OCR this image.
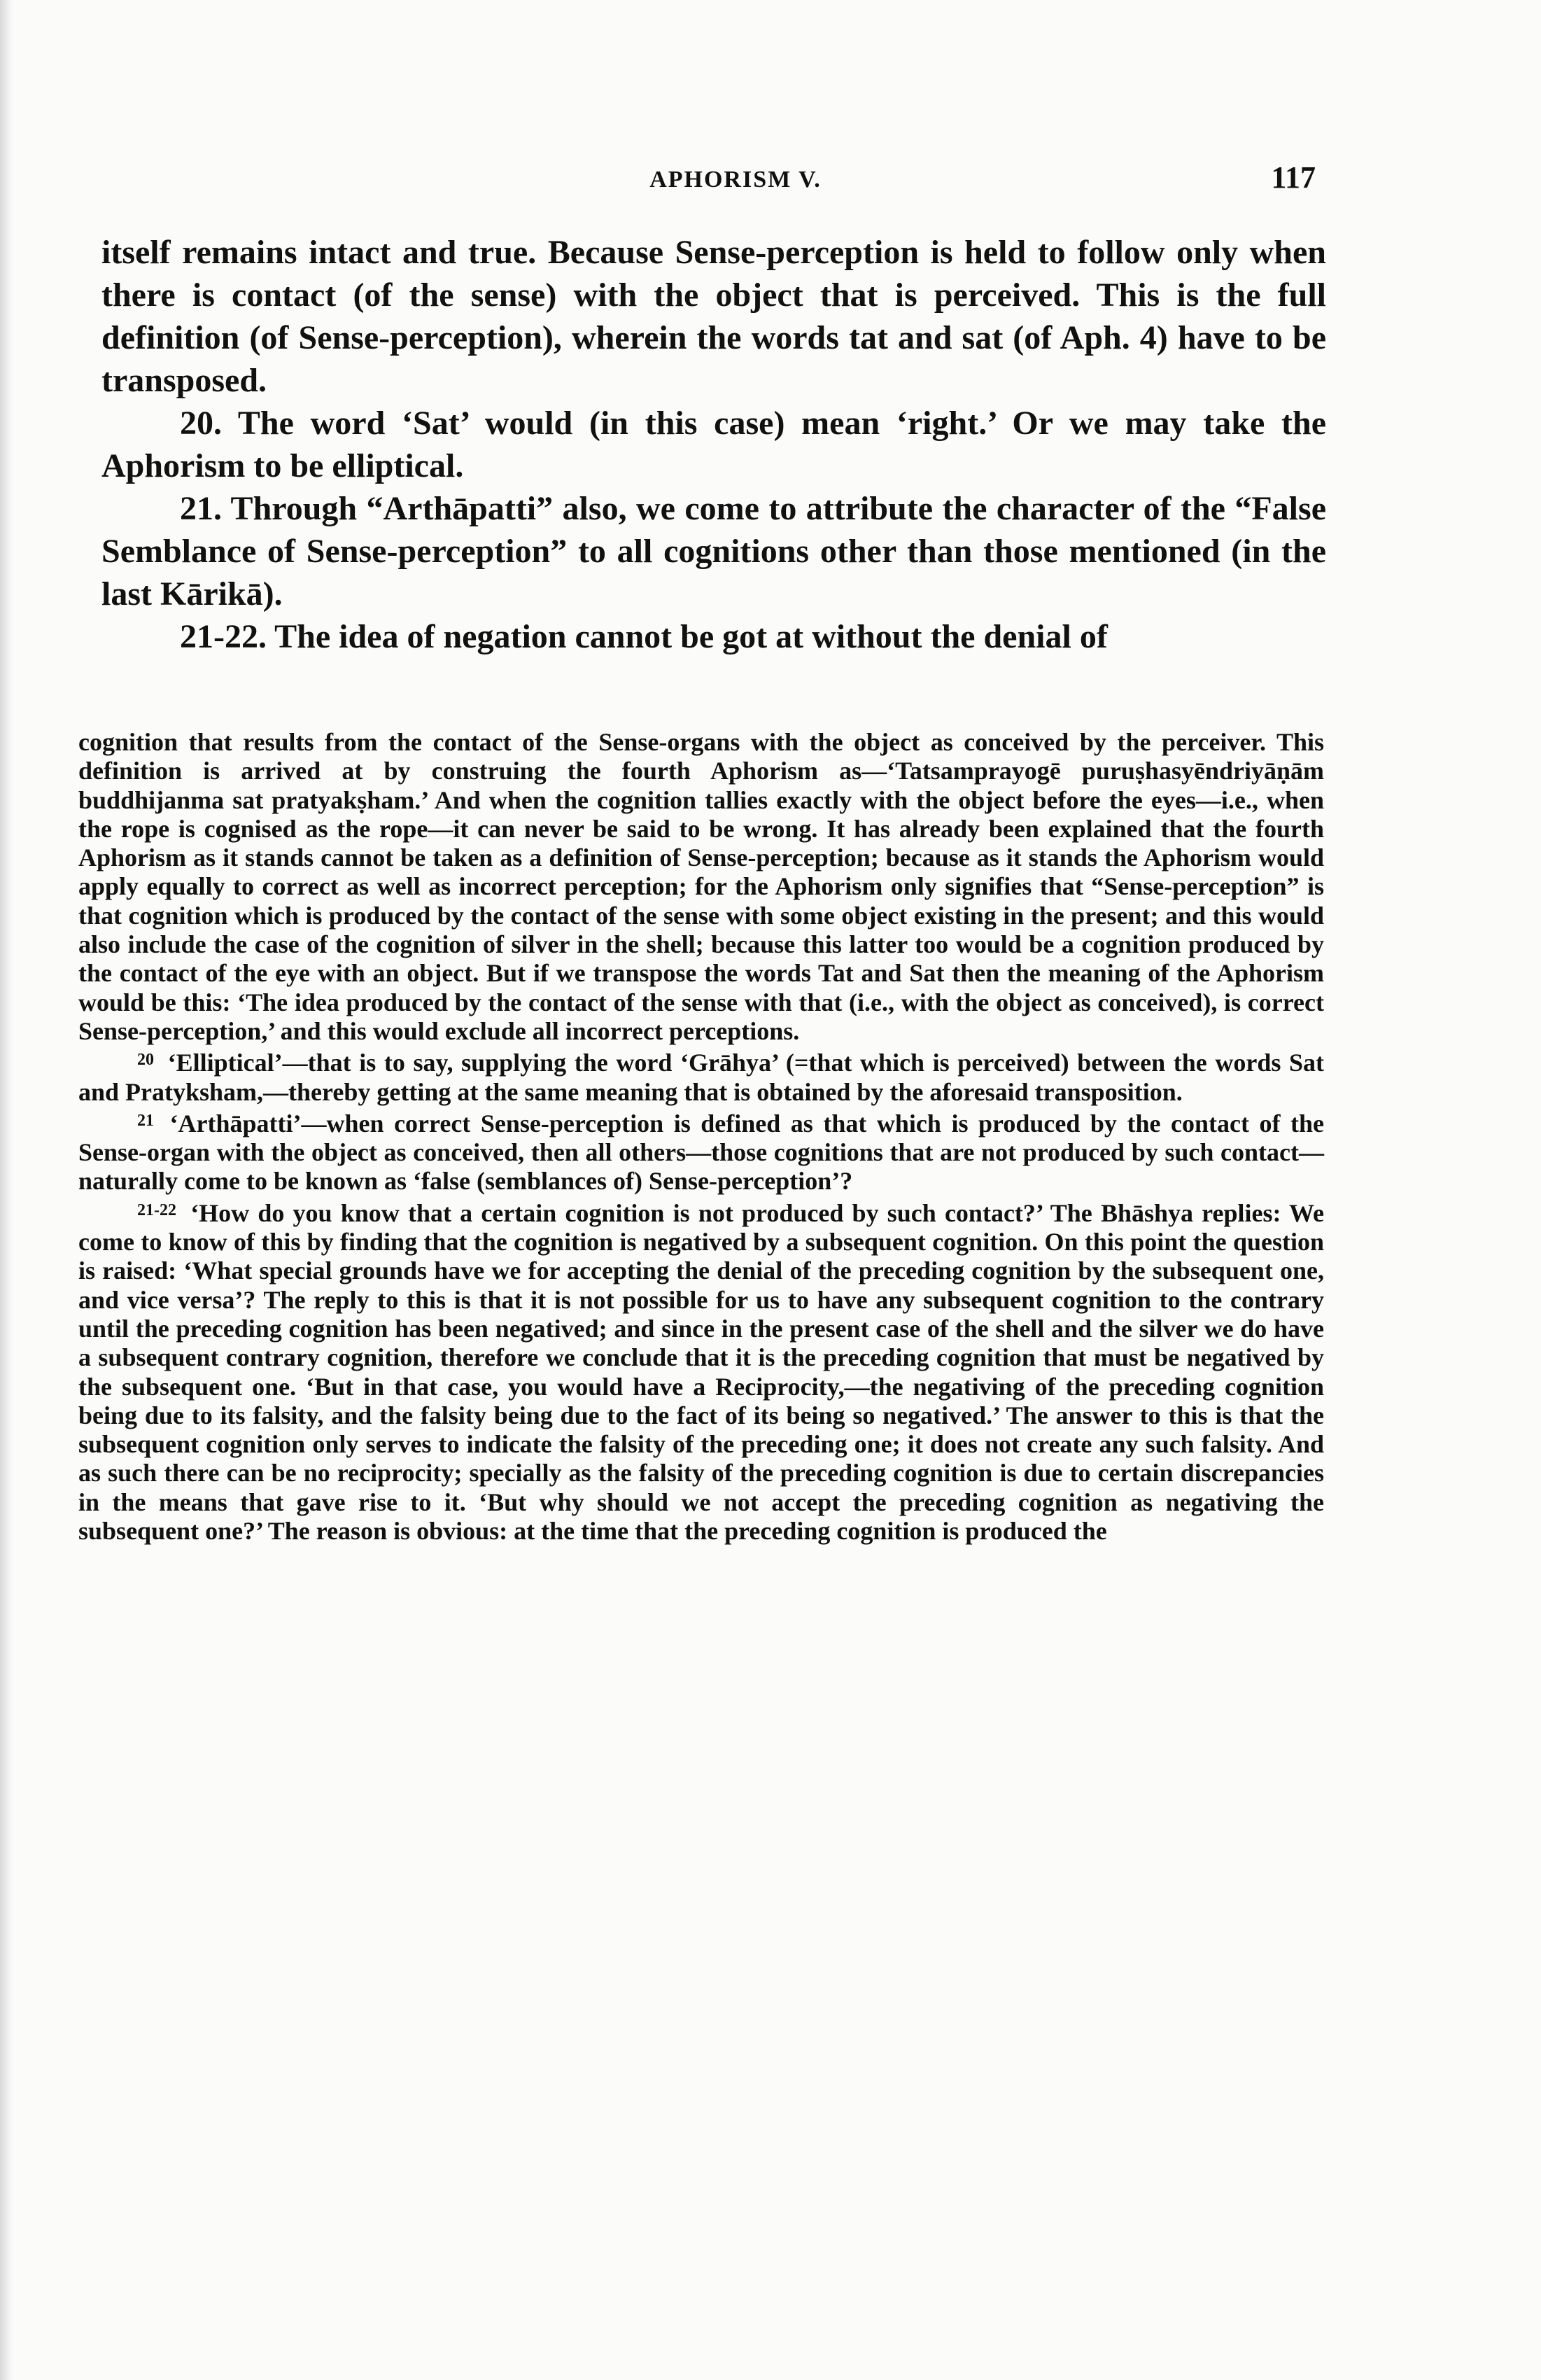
APHORISM V.	117

itself remains intact and true. Because Sense-perception is held to follow only when there is contact (of the sense) with the object that is perceived. This is the full definition (of Sense-perception), wherein the words tat and sat (of Aph. 4) have to be transposed.

20. The word ‘Sat’ would (in this case) mean ‘right.’ Or we may take the Aphorism to be elliptical.

21. Through “Arthāpatti” also, we come to attribute the character of the “False Semblance of Sense-perception” to all cognitions other than those mentioned (in the last Kārikā).

21-22. The idea of negation cannot be got at without the denial of

cognition that results from the contact of the Sense-organs with the object as conceived by the perceiver. This definition is arrived at by construing the fourth Aphorism as—‘Tatsamprayogē puruṣhasyēndriyāṇām buddhijanma sat pratyakṣham.’ And when the cognition tallies exactly with the object before the eyes—i.e., when the rope is cognised as the rope—it can never be said to be wrong. It has already been explained that the fourth Aphorism as it stands cannot be taken as a definition of Sense-perception; because as it stands the Aphorism would apply equally to correct as well as incorrect perception; for the Aphorism only signifies that “Sense-perception” is that cognition which is produced by the contact of the sense with some object existing in the present; and this would also include the case of the cognition of silver in the shell; because this latter too would be a cognition produced by the contact of the eye with an object. But if we transpose the words Tat and Sat then the meaning of the Aphorism would be this: ‘The idea produced by the contact of the sense with that (i.e., with the object as conceived), is correct Sense-perception,’ and this would exclude all incorrect perceptions.

$^{20}$ ‘Elliptical’—that is to say, supplying the word ‘Grāhya’ (=that which is perceived) between the words Sat and Pratyksham,—thereby getting at the same meaning that is obtained by the aforesaid transposition.

$^{21}$ ‘Arthāpatti’—when correct Sense-perception is defined as that which is produced by the contact of the Sense-organ with the object as conceived, then all others—those cognitions that are not produced by such contact—naturally come to be known as ‘false (semblances of) Sense-perception’?

$^{21-22}$ ‘How do you know that a certain cognition is not produced by such contact?’ The Bhāshya replies: We come to know of this by finding that the cognition is negatived by a subsequent cognition. On this point the question is raised: ‘What special grounds have we for accepting the denial of the preceding cognition by the subsequent one, and vice versa’? The reply to this is that it is not possible for us to have any subsequent cognition to the contrary until the preceding cognition has been negatived; and since in the present case of the shell and the silver we do have a subsequent contrary cognition, therefore we conclude that it is the preceding cognition that must be negatived by the subsequent one. ‘But in that case, you would have a Reciprocity,—the negativing of the preceding cognition being due to its falsity, and the falsity being due to the fact of its being so negatived.’ The answer to this is that the subsequent cognition only serves to indicate the falsity of the preceding one; it does not create any such falsity. And as such there can be no reciprocity; specially as the falsity of the preceding cognition is due to certain discrepancies in the means that gave rise to it. ‘But why should we not accept the preceding cognition as negativing the subsequent one?’ The reason is obvious: at the time that the preceding cognition is produced the
